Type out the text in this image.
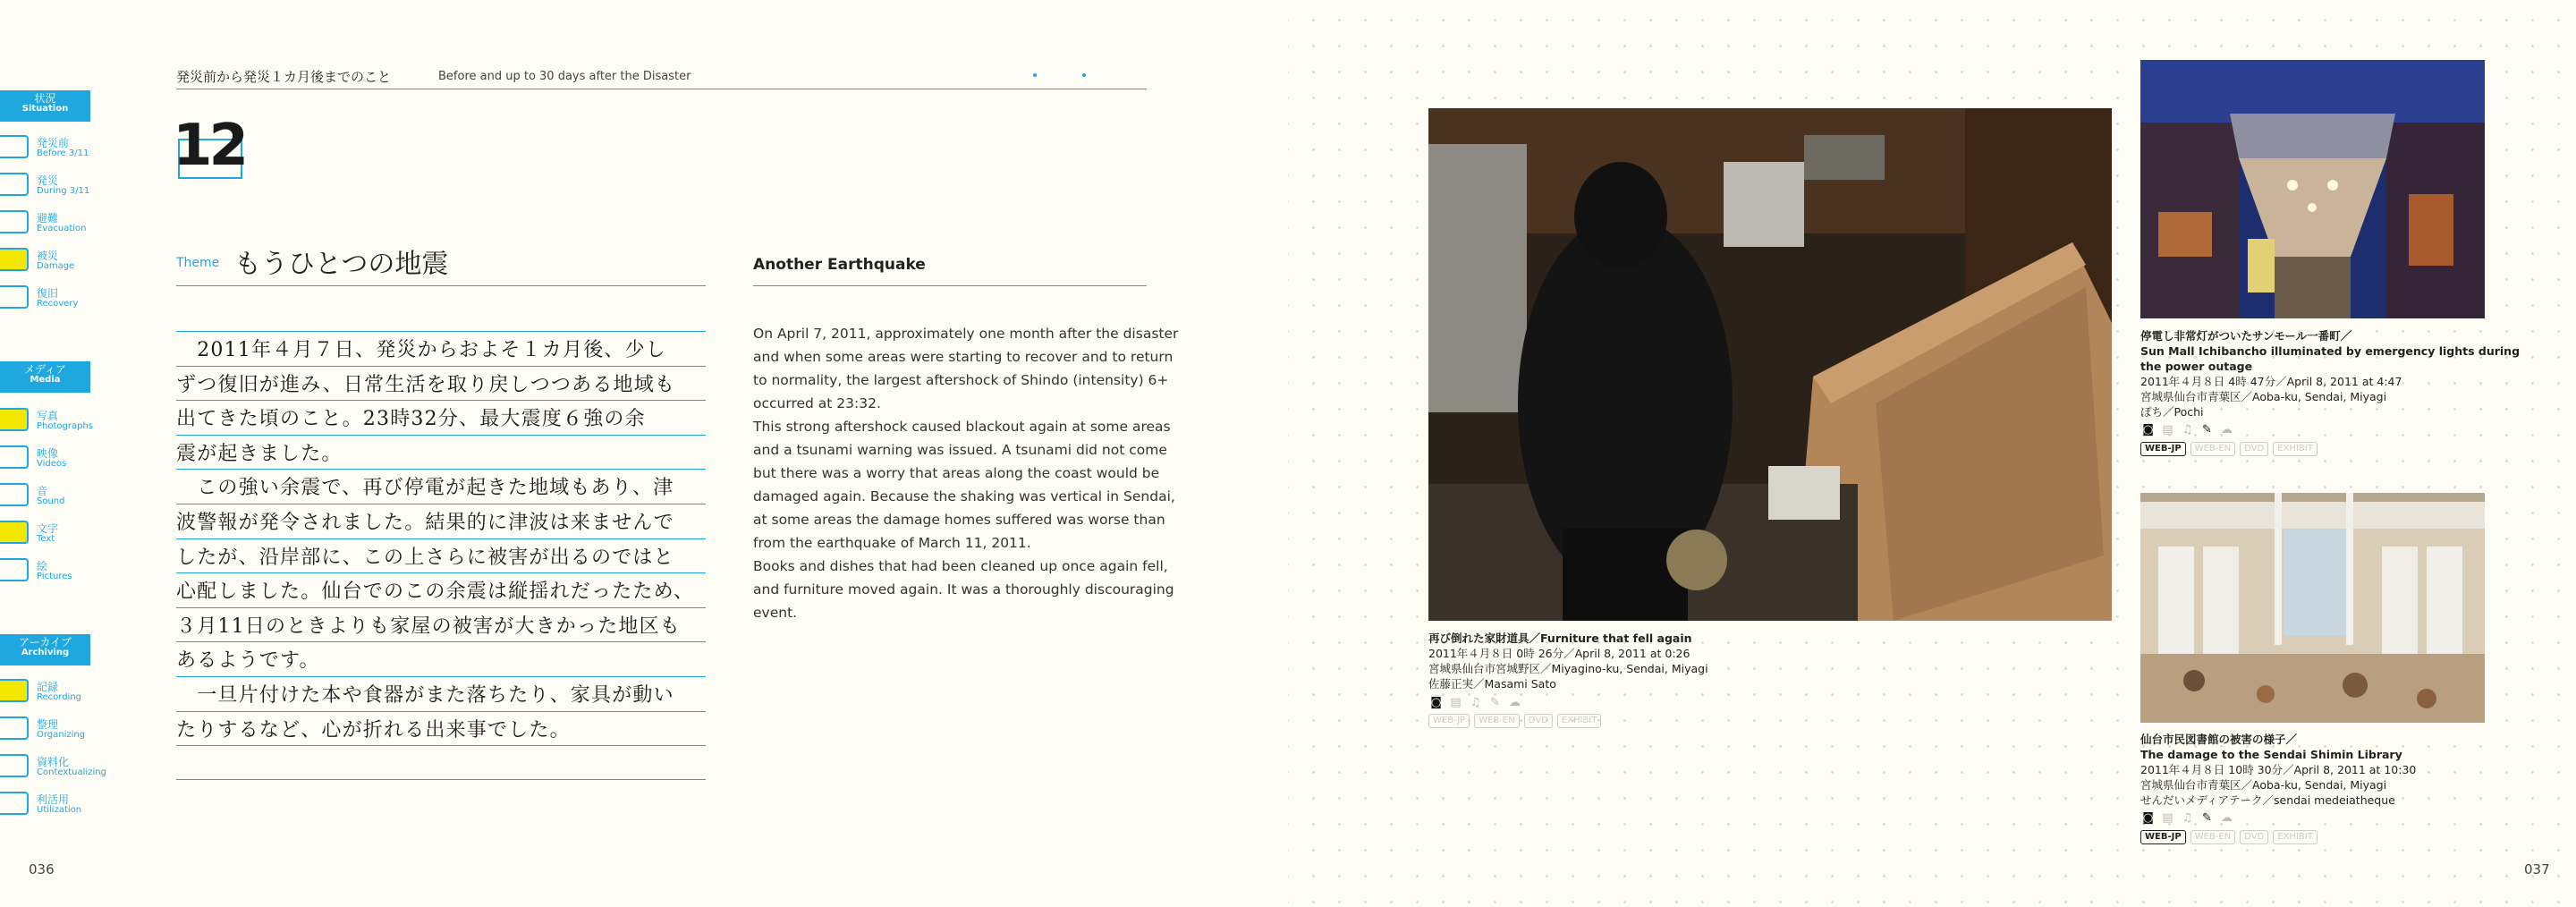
状況
Situation
発災前
Before 3/11
発災
During 3/11
避難
Evacuation
被災
Damage
復旧
Recovery
メディア
Media
写真
Photographs
映像
Videos
音
Sound
文字
Text
絵
Pictures
アーカイブ
Archiving
記録
Recording
整理
Organizing
資料化
Contextualizing
利活用
Utilization
036
発災前から発災１カ月後までのこと	Before and up to 30 days after the Disaster
12
Theme もうひとつの地震
　2011年４月７日、発災からおよそ１カ月後、少し
ずつ復旧が進み、日常生活を取り戻しつつある地域も
出てきた頃のこと。23時32分、最大震度６強の余
震が起きました。
　この強い余震で、再び停電が起きた地域もあり、津
波警報が発令されました。結果的に津波は来ませんで
したが、沿岸部に、この上さらに被害が出るのではと
心配しました。仙台でのこの余震は縦揺れだったため、
３月11日のときよりも家屋の被害が大きかった地区も
あるようです。
　一旦片付けた本や食器がまた落ちたり、家具が動い
たりするなど、心が折れる出来事でした。
Another Earthquake
On April 7, 2011, approximately one month after the disaster
and when some areas were starting to recover and to return
to normality, the largest aftershock of Shindo (intensity) 6+
occurred at 23:32.
This strong aftershock caused blackout again at some areas
and a tsunami warning was issued. A tsunami did not come
but there was a worry that areas along the coast would be
damaged again. Because the shaking was vertical in Sendai,
at some areas the damage homes suffered was worse than
from the earthquake of March 11, 2011.
Books and dishes that had been cleaned up once again fell,
and furniture moved again. It was a thoroughly discouraging
event.
再び倒れた家財道具／Furniture that fell again
2011年４月８日 0時 26分／April 8, 2011 at 0:26
宮城県仙台市宮城野区／Miyagino-ku, Sendai, Miyagi
佐藤正実／Masami Sato
◙ ▤ ♫ ✎ ☁
WEB-JP	WEB-EN	DVD	EXHIBIT
停電し非常灯がついたサンモール一番町／
Sun Mall Ichibancho illuminated by emergency lights during
the power outage
2011年４月８日 4時 47分／April 8, 2011 at 4:47
宮城県仙台市青葉区／Aoba-ku, Sendai, Miyagi
ぽち／Pochi
◙ ▤ ♫ ✎ ☁
WEB-JP	WEB-EN	DVD	EXHIBIT
仙台市民図書館の被害の様子／
The damage to the Sendai Shimin Library
2011年４月８日 10時 30分／April 8, 2011 at 10:30
宮城県仙台市青葉区／Aoba-ku, Sendai, Miyagi
せんだいメディアテーク／sendai medeiatheque
◙ ▤ ♫ ✎ ☁
WEB-JP	WEB-EN	DVD	EXHIBIT
037
